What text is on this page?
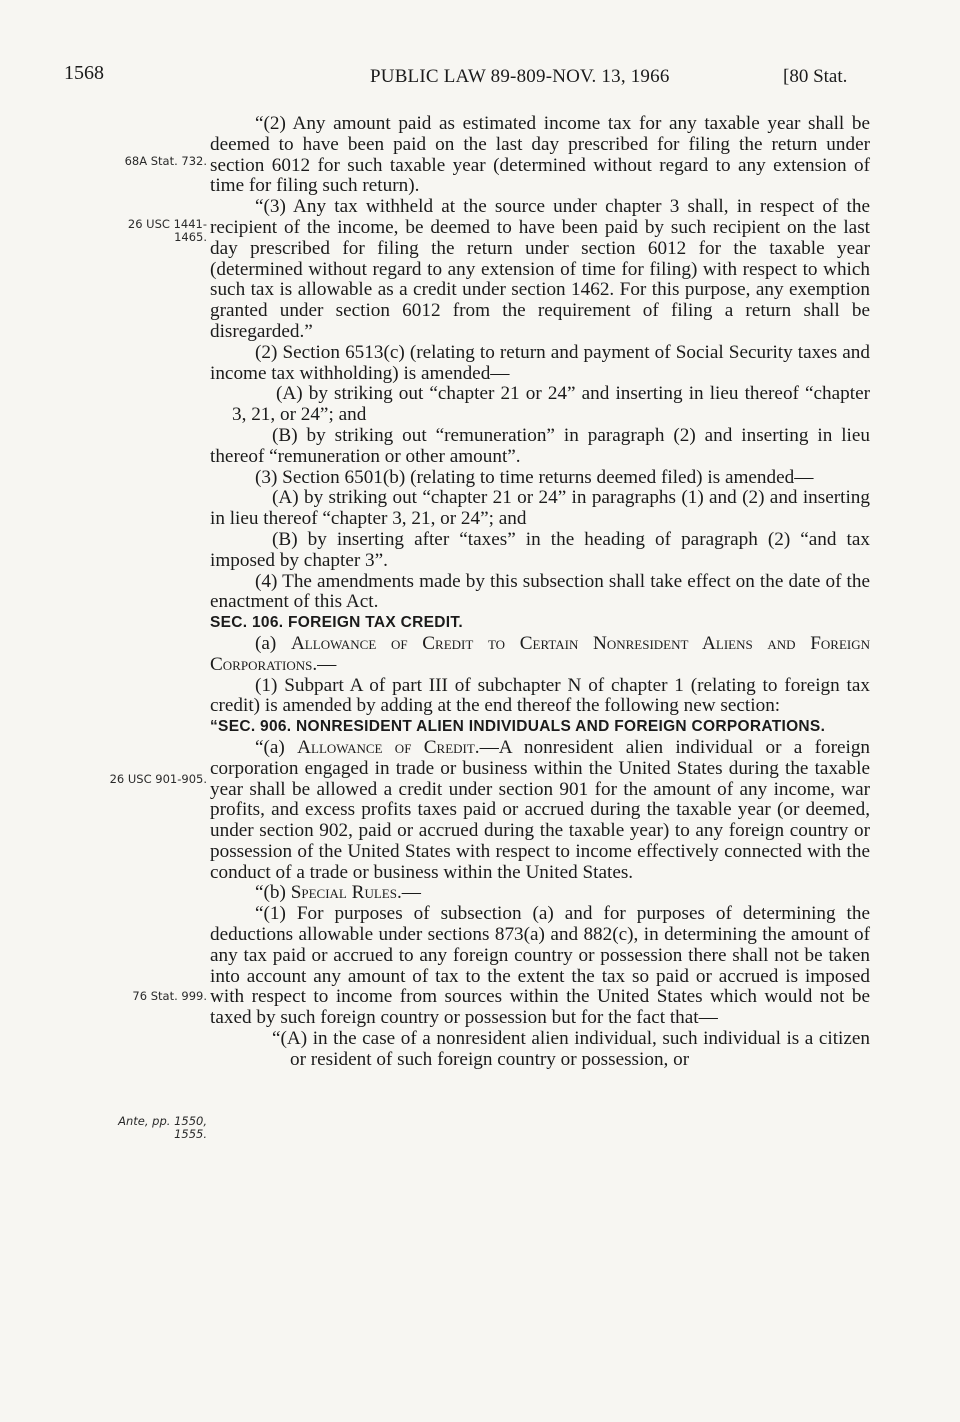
1568	PUBLIC LAW 89-809-NOV. 13, 1966	[80 Stat.
68A Stat. 732.
26 USC 1441-
1465.
26 USC 901-905.
76 Stat. 999.
Ante, pp. 1550,
1555.

“(2) Any amount paid as estimated income tax for any taxable year shall be deemed to have been paid on the last day prescribed for filing the return under section 6012 for such taxable year (determined without regard to any extension of time for filing such return).

“(3) Any tax withheld at the source under chapter 3 shall, in respect of the recipient of the income, be deemed to have been paid by such recipient on the last day prescribed for filing the return under section 6012 for the taxable year (determined without regard to any extension of time for filing) with respect to which such tax is allowable as a credit under section 1462. For this purpose, any exemption granted under section 6012 from the requirement of filing a return shall be disregarded.”

(2) Section 6513(c) (relating to return and payment of Social Security taxes and income tax withholding) is amended—

(A) by striking out “chapter 21 or 24” and inserting in lieu thereof “chapter 3, 21, or 24”; and

(B) by striking out “remuneration” in paragraph (2) and inserting in lieu thereof “remuneration or other amount”.

(3) Section 6501(b) (relating to time returns deemed filed) is amended—

(A) by striking out “chapter 21 or 24” in paragraphs (1) and (2) and inserting in lieu thereof “chapter 3, 21, or 24”; and

(B) by inserting after “taxes” in the heading of paragraph (2) “and tax imposed by chapter 3”.

(4) The amendments made by this subsection shall take effect on the date of the enactment of this Act.

SEC. 106. FOREIGN TAX CREDIT.

(a) Allowance of Credit to Certain Nonresident Aliens and Foreign Corporations.—

(1) Subpart A of part III of subchapter N of chapter 1 (relating to foreign tax credit) is amended by adding at the end thereof the following new section:

“SEC. 906. NONRESIDENT ALIEN INDIVIDUALS AND FOREIGN CORPORATIONS.

“(a) Allowance of Credit.—A nonresident alien individual or a foreign corporation engaged in trade or business within the United States during the taxable year shall be allowed a credit under section 901 for the amount of any income, war profits, and excess profits taxes paid or accrued during the taxable year (or deemed, under section 902, paid or accrued during the taxable year) to any foreign country or possession of the United States with respect to income effectively connected with the conduct of a trade or business within the United States.

“(b) Special Rules.—

“(1) For purposes of subsection (a) and for purposes of determining the deductions allowable under sections 873(a) and 882(c), in determining the amount of any tax paid or accrued to any foreign country or possession there shall not be taken into account any amount of tax to the extent the tax so paid or accrued is imposed with respect to income from sources within the United States which would not be taxed by such foreign country or possession but for the fact that—

“(A) in the case of a nonresident alien individual, such individual is a citizen or resident of such foreign country or possession, or
